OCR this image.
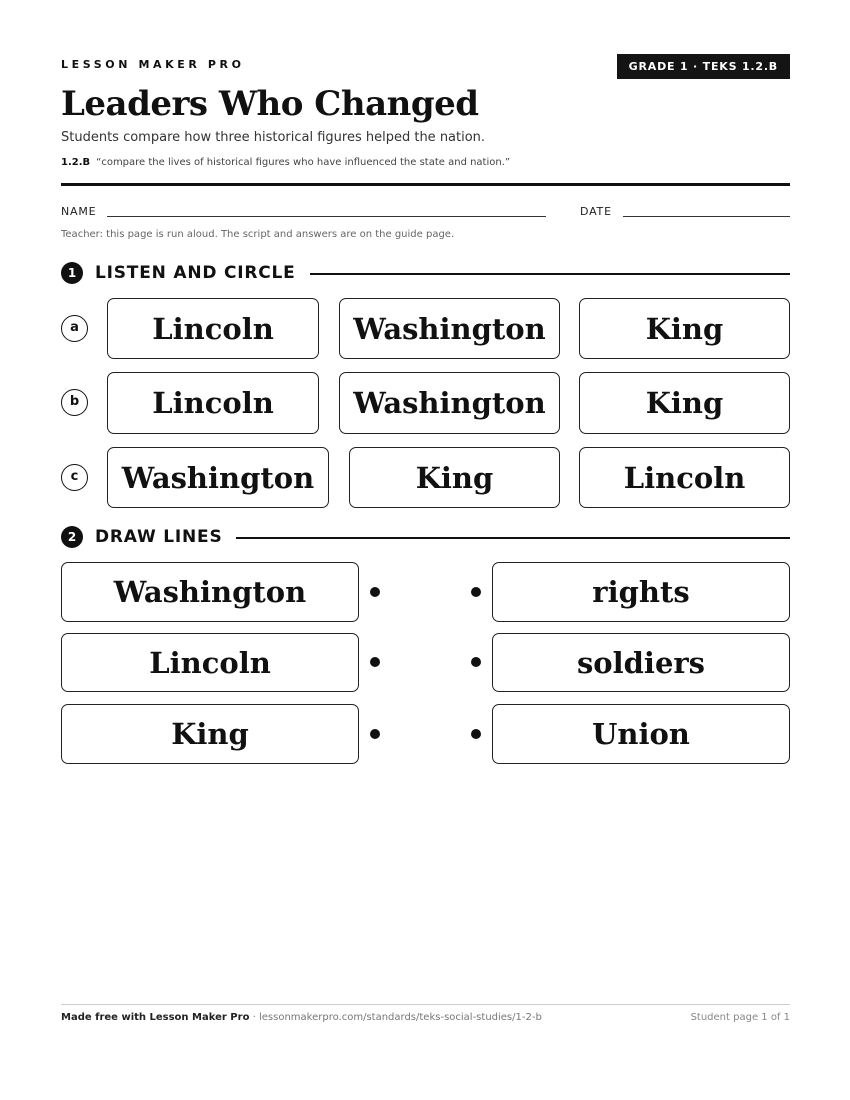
LESSON MAKER PRO	GRADE 1 · TEKS 1.2.B
Leaders Who Changed
Students compare how three historical figures helped the nation.
1.2.B “compare the lives of historical figures who have influenced the state and nation.”
NAME	DATE
Teacher: this page is run aloud. The script and answers are on the guide page.
1	LISTEN AND CIRCLE
a	Lincoln	Washington	King
b	Lincoln	Washington	King
c	Washington	King	Lincoln
2	DRAW LINES
Washington	rights
Lincoln	soldiers
King	Union
Made free with Lesson Maker Pro · lessonmakerpro.com/standards/teks-social-studies/1-2-b	Student page 1 of 1
